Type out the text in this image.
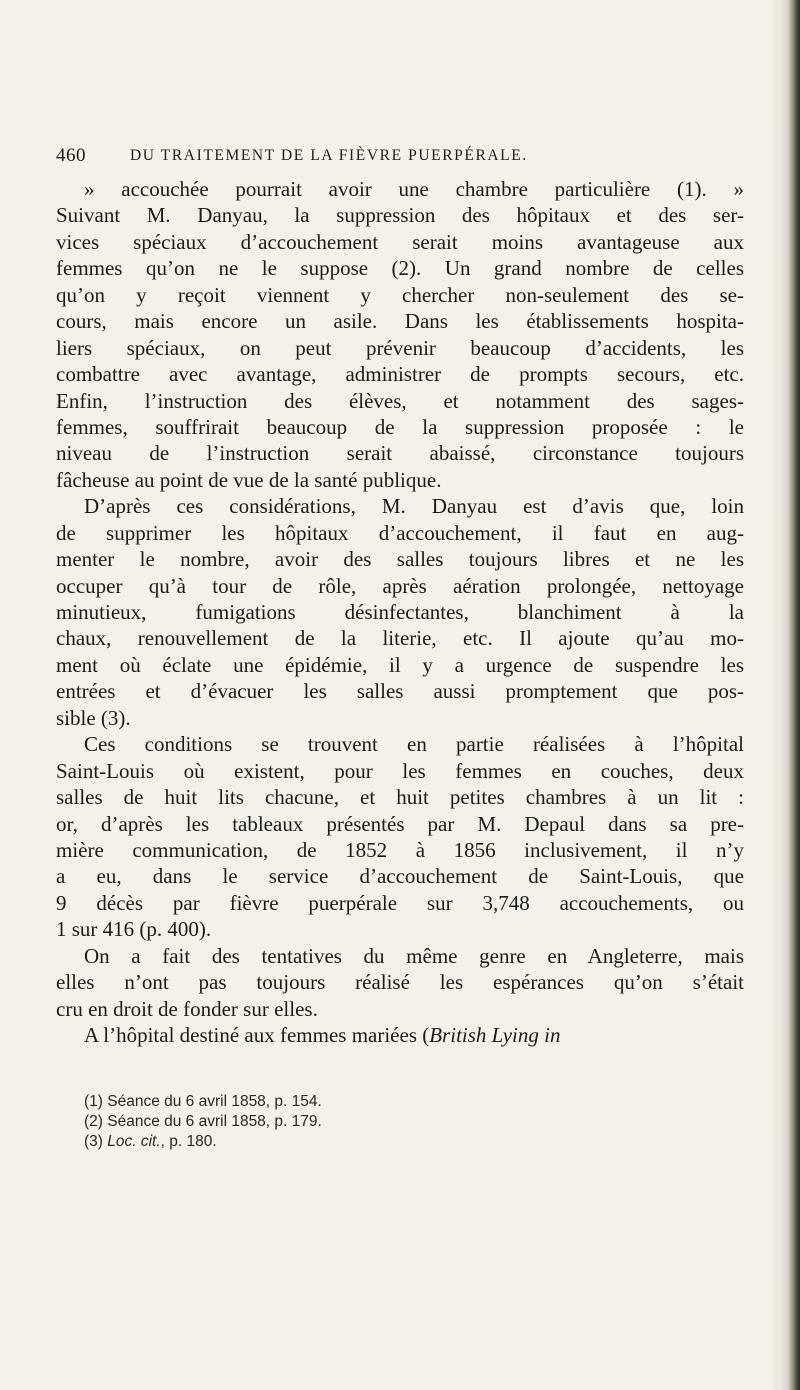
460	DU TRAITEMENT DE LA FIÈVRE PUERPÉRALE.
» accouchée pourrait avoir une chambre particulière (1). »
Suivant M. Danyau, la suppression des hôpitaux et des ser-
vices spéciaux d’accouchement serait moins avantageuse aux
femmes qu’on ne le suppose (2). Un grand nombre de celles
qu’on y reçoit viennent y chercher non-seulement des se-
cours, mais encore un asile. Dans les établissements hospita-
liers spéciaux, on peut prévenir beaucoup d’accidents, les
combattre avec avantage, administrer de prompts secours, etc.
Enfin, l’instruction des élèves, et notamment des sages-
femmes, souffrirait beaucoup de la suppression proposée : le
niveau de l’instruction serait abaissé, circonstance toujours
fâcheuse au point de vue de la santé publique.
D’après ces considérations, M. Danyau est d’avis que, loin
de supprimer les hôpitaux d’accouchement, il faut en aug-
menter le nombre, avoir des salles toujours libres et ne les
occuper qu’à tour de rôle, après aération prolongée, nettoyage
minutieux, fumigations désinfectantes, blanchiment à la
chaux, renouvellement de la literie, etc. Il ajoute qu’au mo-
ment où éclate une épidémie, il y a urgence de suspendre les
entrées et d’évacuer les salles aussi promptement que pos-
sible (3).
Ces conditions se trouvent en partie réalisées à l’hôpital
Saint-Louis où existent, pour les femmes en couches, deux
salles de huit lits chacune, et huit petites chambres à un lit :
or, d’après les tableaux présentés par M. Depaul dans sa pre-
mière communication, de 1852 à 1856 inclusivement, il n’y
a eu, dans le service d’accouchement de Saint-Louis, que
9 décès par fièvre puerpérale sur 3,748 accouchements, ou
1 sur 416 (p. 400).
On a fait des tentatives du même genre en Angleterre, mais
elles n’ont pas toujours réalisé les espérances qu’on s’était
cru en droit de fonder sur elles.
A l’hôpital destiné aux femmes mariées (British Lying in
(1) Séance du 6 avril 1858, p. 154.
(2) Séance du 6 avril 1858, p. 179.
(3) Loc. cit., p. 180.
